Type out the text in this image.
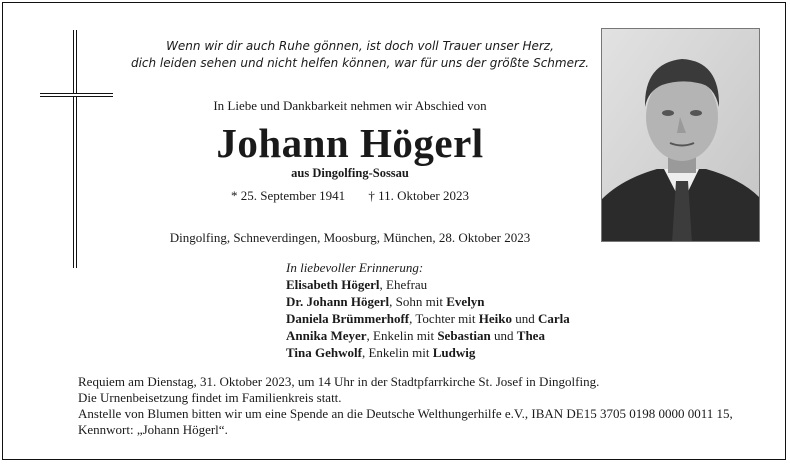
Wenn wir dir auch Ruhe gönnen, ist doch voll Trauer unser Herz,
dich leiden sehen und nicht helfen können, war für uns der größte Schmerz.
In Liebe und Dankbarkeit nehmen wir Abschied von
Johann Högerl
aus Dingolfing-Sossau
* 25. September 1941 † 11. Oktober 2023
Dingolfing, Schneverdingen, Moosburg, München, 28. Oktober 2023
In liebevoller Erinnerung:
Elisabeth Högerl, Ehefrau
Dr. Johann Högerl, Sohn mit Evelyn
Daniela Brümmerhoff, Tochter mit Heiko und Carla
Annika Meyer, Enkelin mit Sebastian und Thea
Tina Gehwolf, Enkelin mit Ludwig
Requiem am Dienstag, 31. Oktober 2023, um 14 Uhr in der Stadtpfarrkirche St. Josef in Dingolfing.
Die Urnenbeisetzung findet im Familienkreis statt.
Anstelle von Blumen bitten wir um eine Spende an die Deutsche Welthungerhilfe e.V., IBAN DE15 3705 0198 0000 0011 15,
Kennwort: „Johann Högerl“.
